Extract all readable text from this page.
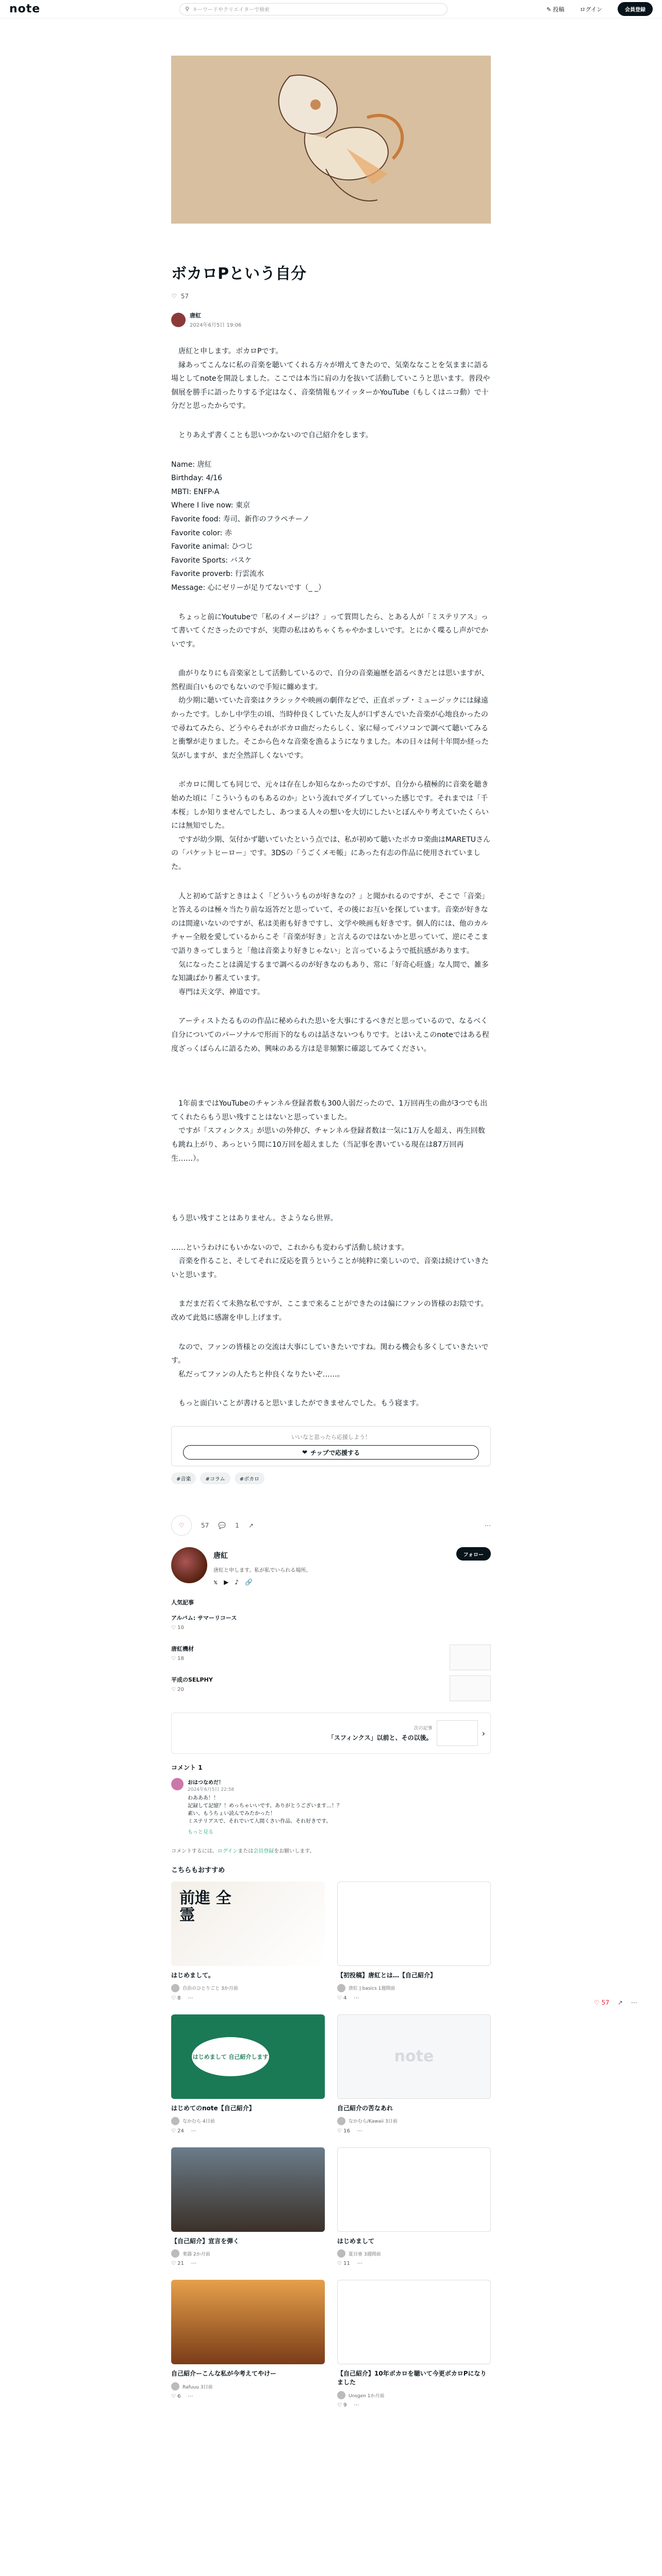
note	⚲ キーワードやクリエイターで検索	✎ 投稿	ログイン	会員登録
ボカロPという自分
♡ 57
唐紅
2024年6月5日 19:06

　唐紅と申します。ボカロPです。
　縁あってこんなに私の音楽を聴いてくれる方々が増えてきたので、気楽ななことを気ままに語る場としてnoteを開設しました。ここでは本当に肩の力を抜いて活動していこうと思います。普段や個展を勝手に語ったりする予定はなく、音楽情報もツイッターかYouTube（もしくはニコ動）で十分だと思ったからです。

　とりあえず書くことも思いつかないので自己紹介をします。

Name: 唐紅
Birthday: 4/16
MBTI: ENFP-A
Where I live now: 東京
Favorite food: 寿司、新作のフラペチーノ
Favorite color: 赤
Favorite animal: ひつじ
Favorite Sports: バスケ
Favorite proverb: 行雲流水
Message: 心にゼリーが足りてないです（_ _）

　ちょっと前にYoutubeで「私のイメージは？」って質問したら、とある人が「ミステリアス」って書いてくださったのですが、実際の私はめちゃくちゃやかましいです。とにかく喋るし声がでかいです。

　曲がりなりにも音楽家として活動しているので、自分の音楽遍歴を語るべきだとは思いますが、然程面白いものでもないので手短に纏めます。
　幼少期に聴いていた音楽はクラシックや映画の劇伴などで、正直ポップ・ミュージックには縁遠かったです。しかし中学生の頃、当時仲良くしていた友人が口ずさんでいた音楽が心地良かったので尋ねてみたら、どうやらそれがボカロ曲だったらしく、家に帰ってパソコンで調べて聴いてみると衝撃が走りました。そこから色々な音楽を漁るようになりました。本の日々は何十年間か経った気がしますが、まだ全然詳しくないです。

　ボカロに関しても同じで、元々は存在しか知らなかったのですが、自分から積極的に音楽を聴き始めた頃に「こういうものもあるのか」という流れでダイブしていった感じです。それまでは「千本桜」しか知りませんでしたし、あつまる人々の想いを大切にしたいとぼんやり考えていたくらいには無知でした。
　ですが幼少期、気付かず聴いていたという点では、私が初めて聴いたボカロ楽曲はMARETUさんの「パケットヒーロー」です。3DSの「うごくメモ帳」にあった有志の作品に使用されていました。

　人と初めて話すときはよく「どういうものが好きなの？」と聞かれるのですが、そこで「音楽」と答えるのは極々当たり前な返答だと思っていて、その後にお互いを探しています。音楽が好きなのは間違いないのですが、私は美術も好きですし、文学や映画も好きです。個人的には、他のカルチャー全般を愛しているからこそ「音楽が好き」と言えるのではないかと思っていて、逆にそこまで語りきってしまうと「他は音楽より好きじゃない」と言っているようで抵抗感があります。
　気になったことは満足するまで調べるのが好きなのもあり、常に「好奇心旺盛」な人間で、雑多な知識ばかり蓄えています。
　専門は天文学、神道です。

　アーティストたるものの作品に秘められた思いを大事にするべきだと思っているので、なるべく自分についてのパーソナルで形而下的なものは話さないつもりです。とはいえこのnoteではある程度ざっくばらんに語るため、興味のある方は是非頻繁に確認してみてください。

　1年前まではYouTubeのチャンネル登録者数も300人弱だったので、1万回再生の曲が3つでも出てくれたらもう思い残すことはないと思っていました。
　ですが「スフィンクス」が思いの外伸び、チャンネル登録者数は一気に1万人を超え、再生回数も跳ね上がり、あっという間に10万回を超えました（当記事を書いている現在は87万回再生……）。

もう思い残すことはありません。さようなら世界。

……というわけにもいかないので、これからも変わらず活動し続けます。
　音楽を作ること、そしてそれに反応を貰うということが純粋に楽しいので、音楽は続けていきたいと思います。

　まだまだ若くて未熟な私ですが、ここまで来ることができたのは偏にファンの皆様のお陰です。改めて此処に感謝を申し上げます。

　なので、ファンの皆様との交流は大事にしていきたいですね。関わる機会も多くしていきたいです。
　私だってファンの人たちと仲良くなりたいぞ……。

　もっと面白いことが書けると思いましたができませんでした。もう寝ます。

いいなと思ったら応援しよう！
❤ チップで応援する
#音楽	#コラム	#ボカロ
♡	57 💬 1 ↗	⋯
唐紅
唐紅と申します。私が私でいられる場所。
𝕩 ▶ ♪ 🔗
フォロー
人気記事
アルバム: サマーリコース
♡ 10
唐紅機材
♡ 18
平成のSELPHY
♡ 20
次の記事
「スフィンクス」以前と、その以後。	›
コメント 1
おはつなめだ！
2024年6月5日 22:58
わあああ！！
記録して記憶？！めっちゃいいです、ありがとうございます…！？
素い、もうちょい読んでみたかった！
ミステリアスで、それでいて人間くさい作品、それ好きです。
もっと見る
コメントするには、ログインまたは会員登録をお願いします。
こちらもおすすめ
前進 全霊
はじめまして。
自治のひとりごと 3か月前
♡ 8 ⋯
【初投稿】唐紅とは…【自己紹介】
唐紅 | basics 1週間前
♡ 4 ⋯
はじめまして 自己紹介します
はじめてのnote【自己紹介】
なかむら 4日前
♡ 24 ⋯
note
自己紹介の苦なあれ
なかむら/Kawaii 3日前
♡ 16 ⋯
【自己紹介】宣言を弾く
楽器 2か月前
♡ 21 ⋯
はじめまして
夏目亜 3週間前
♡ 11 ⋯
自己紹介ーこんな私が今考えてやけー
Rafuuu 3日前
♡ 6 ⋯
【自己紹介】10年ボカロを聴いて今更ボカロPになりました
Unsgen 1か月前
♡ 9 ⋯
♡ 57 ↗ ⋯
